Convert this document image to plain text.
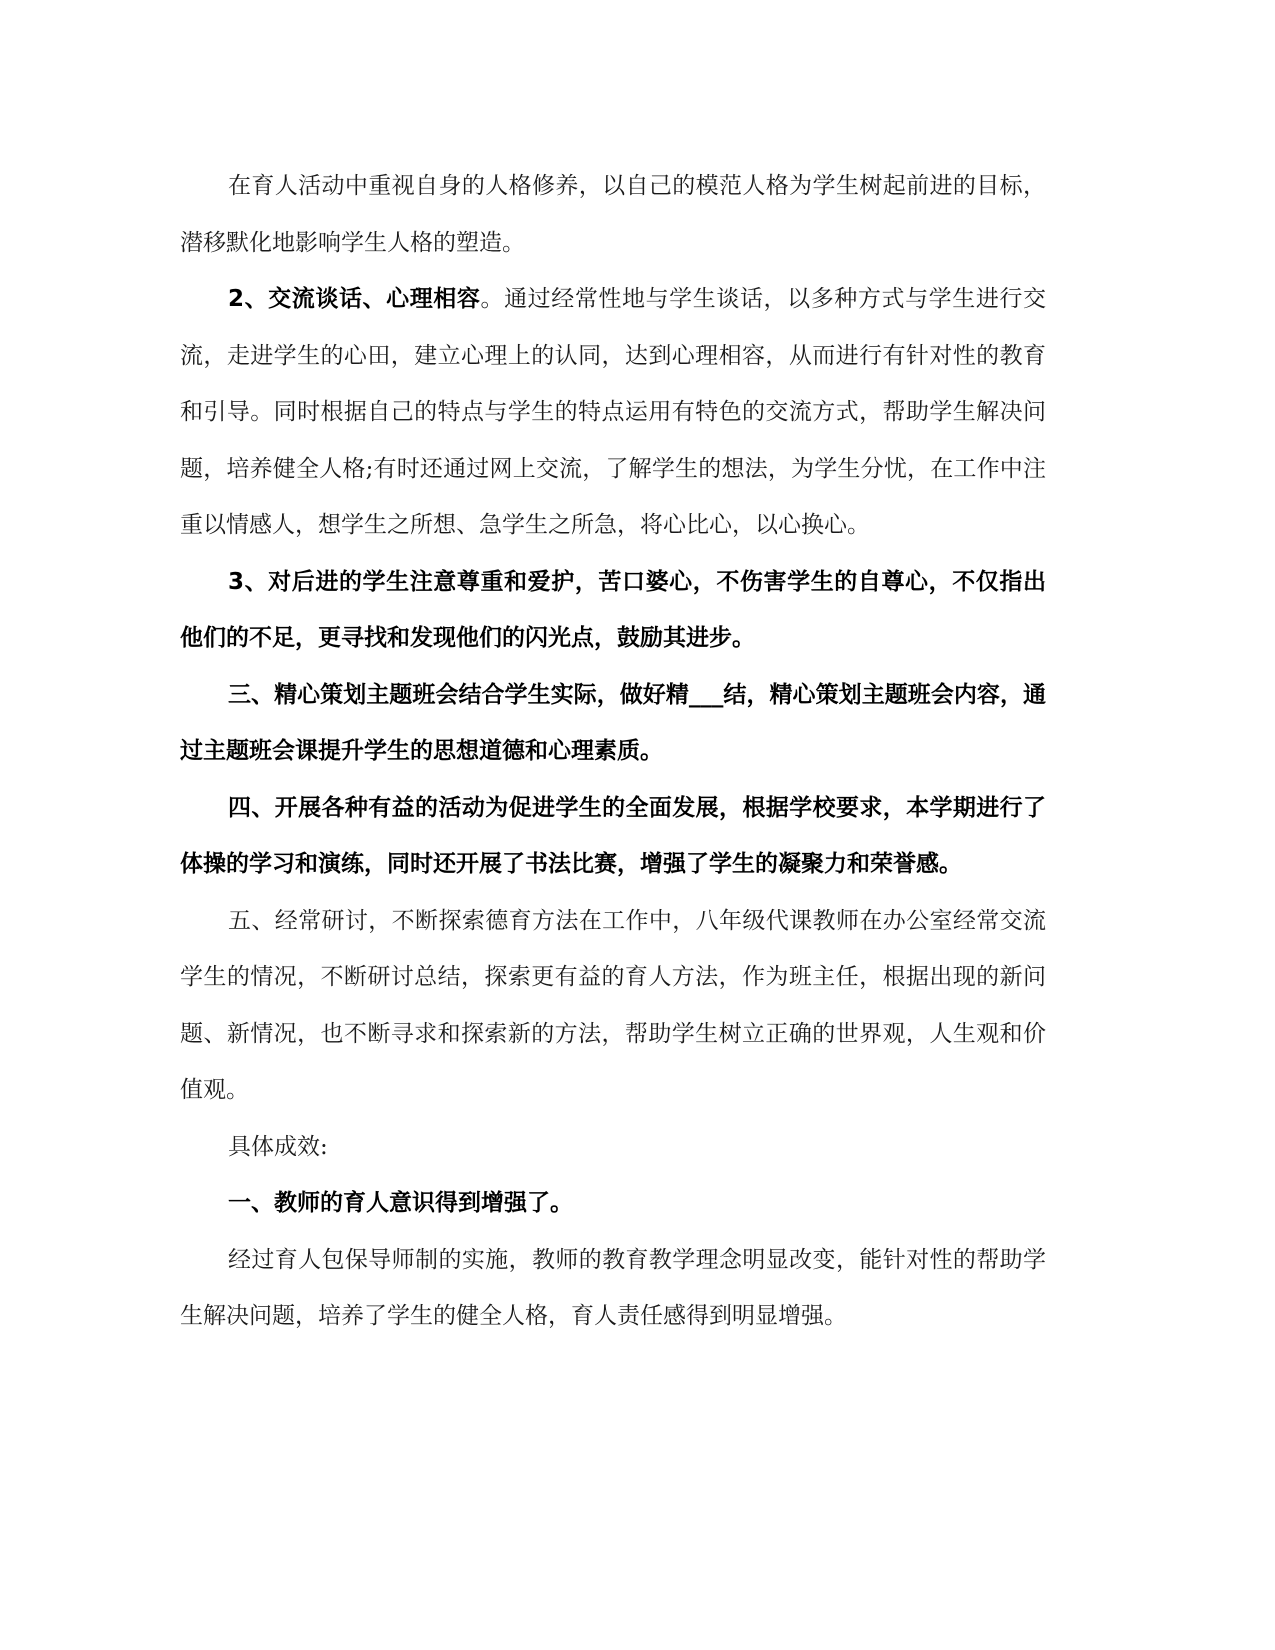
在育人活动中重视自身的人格修养，以自己的模范人格为学生树起前进的目标，潜移默化地影响学生人格的塑造。

2、交流谈话、心理相容。通过经常性地与学生谈话，以多种方式与学生进行交流，走进学生的心田，建立心理上的认同，达到心理相容，从而进行有针对性的教育和引导。同时根据自己的特点与学生的特点运用有特色的交流方式，帮助学生解决问题，培养健全人格;有时还通过网上交流，了解学生的想法，为学生分忧，在工作中注重以情感人，想学生之所想、急学生之所急，将心比心，以心换心。

3、对后进的学生注意尊重和爱护，苦口婆心，不伤害学生的自尊心，不仅指出他们的不足，更寻找和发现他们的闪光点，鼓励其进步。

三、精心策划主题班会结合学生实际，做好精___结，精心策划主题班会内容，通过主题班会课提升学生的思想道德和心理素质。

四、开展各种有益的活动为促进学生的全面发展，根据学校要求，本学期进行了体操的学习和演练，同时还开展了书法比赛，增强了学生的凝聚力和荣誉感。

五、经常研讨，不断探索德育方法在工作中，八年级代课教师在办公室经常交流学生的情况，不断研讨总结，探索更有益的育人方法，作为班主任，根据出现的新问题、新情况，也不断寻求和探索新的方法，帮助学生树立正确的世界观，人生观和价值观。

具体成效:

一、教师的育人意识得到增强了。

经过育人包保导师制的实施，教师的教育教学理念明显改变，能针对性的帮助学生解决问题，培养了学生的健全人格，育人责任感得到明显增强。
